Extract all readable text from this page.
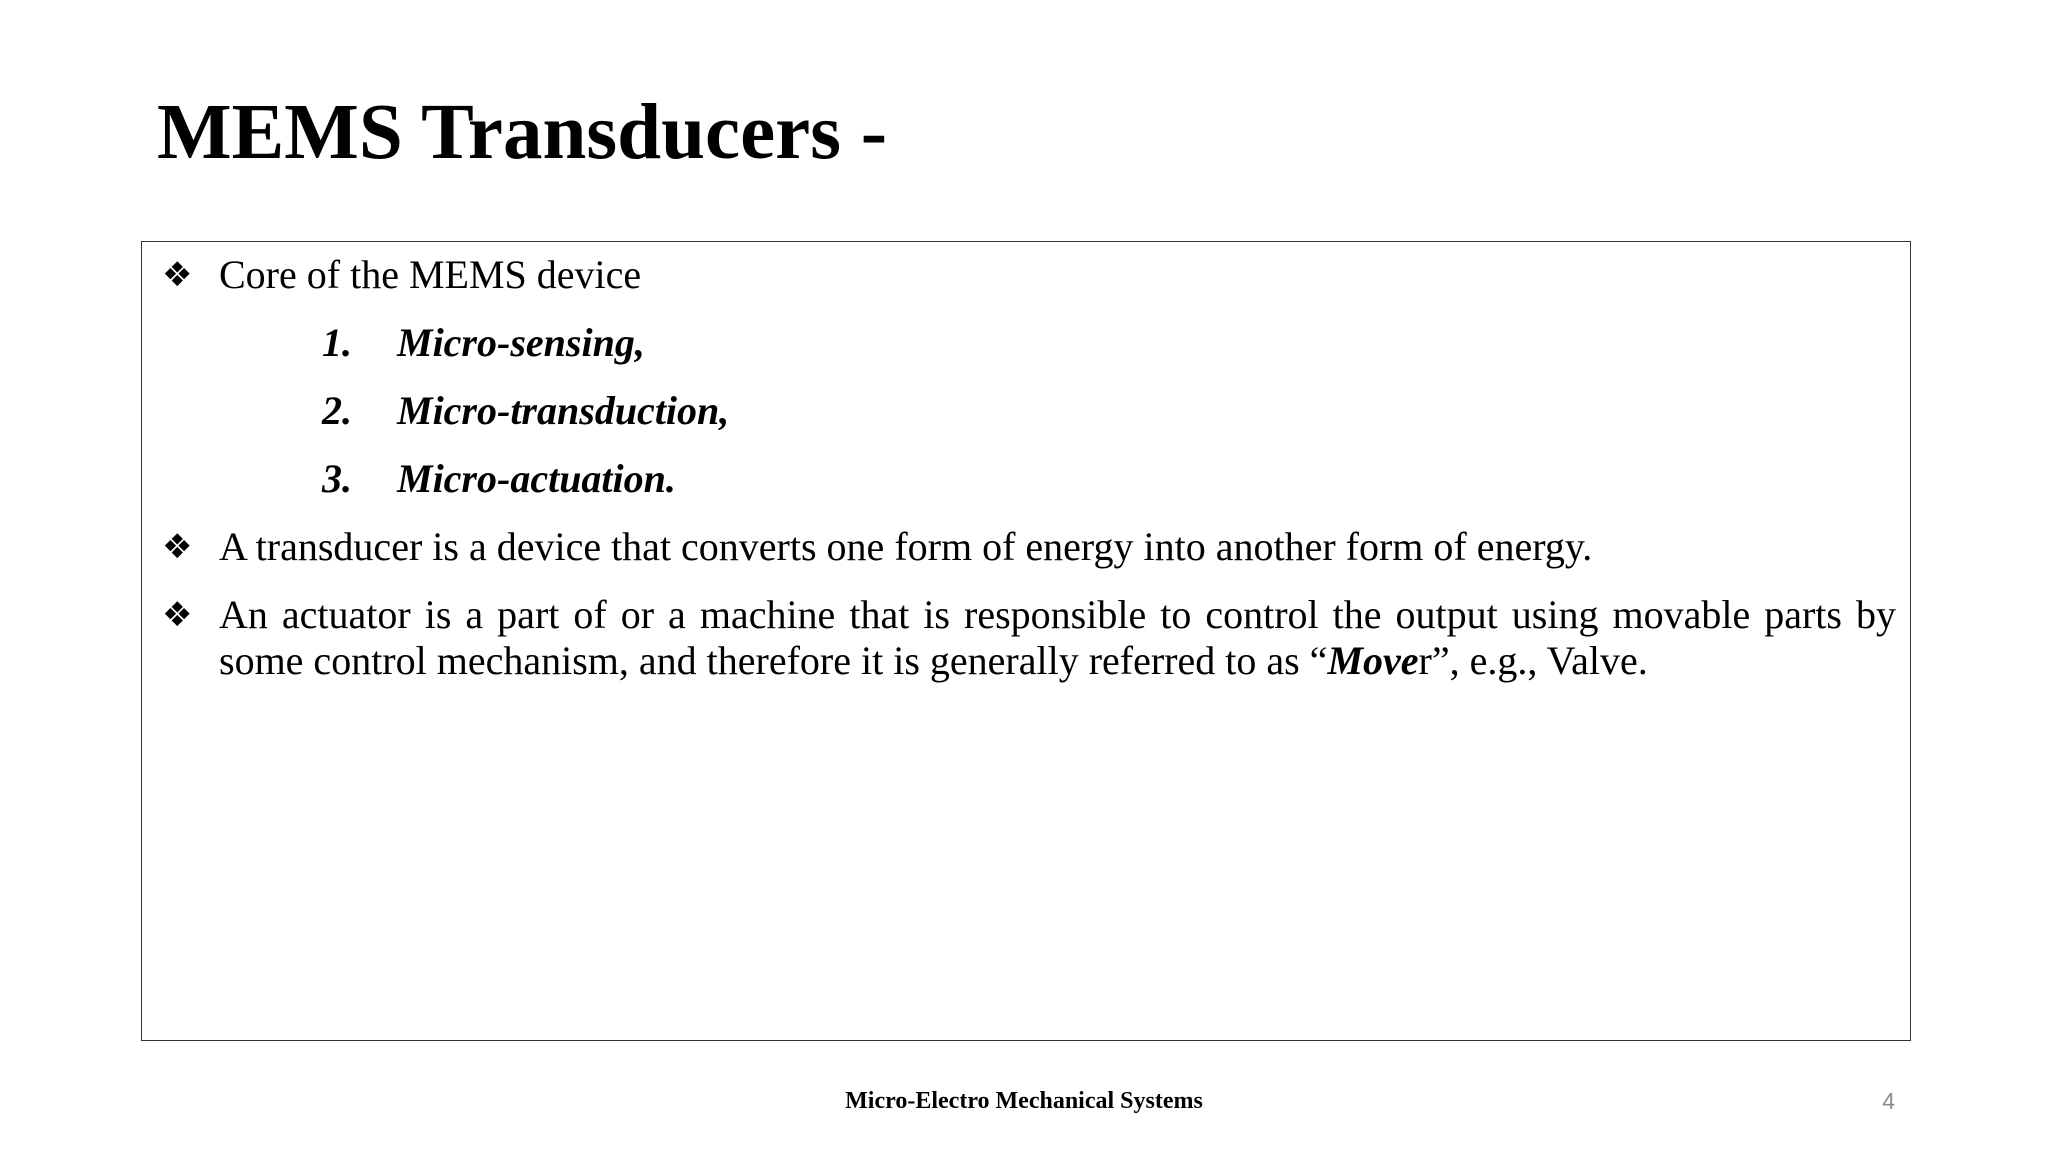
MEMS Transducers -
❖ Core of the MEMS device
1. Micro-sensing,
2. Micro-transduction,
3. Micro-actuation.
❖ A transducer is a device that converts one form of energy into another form of energy.
❖ An actuator is a part of or a machine that is responsible to control the output using movable parts by some control mechanism, and therefore it is generally referred to as “Mover”, e.g., Valve.
Micro-Electro Mechanical Systems	4
